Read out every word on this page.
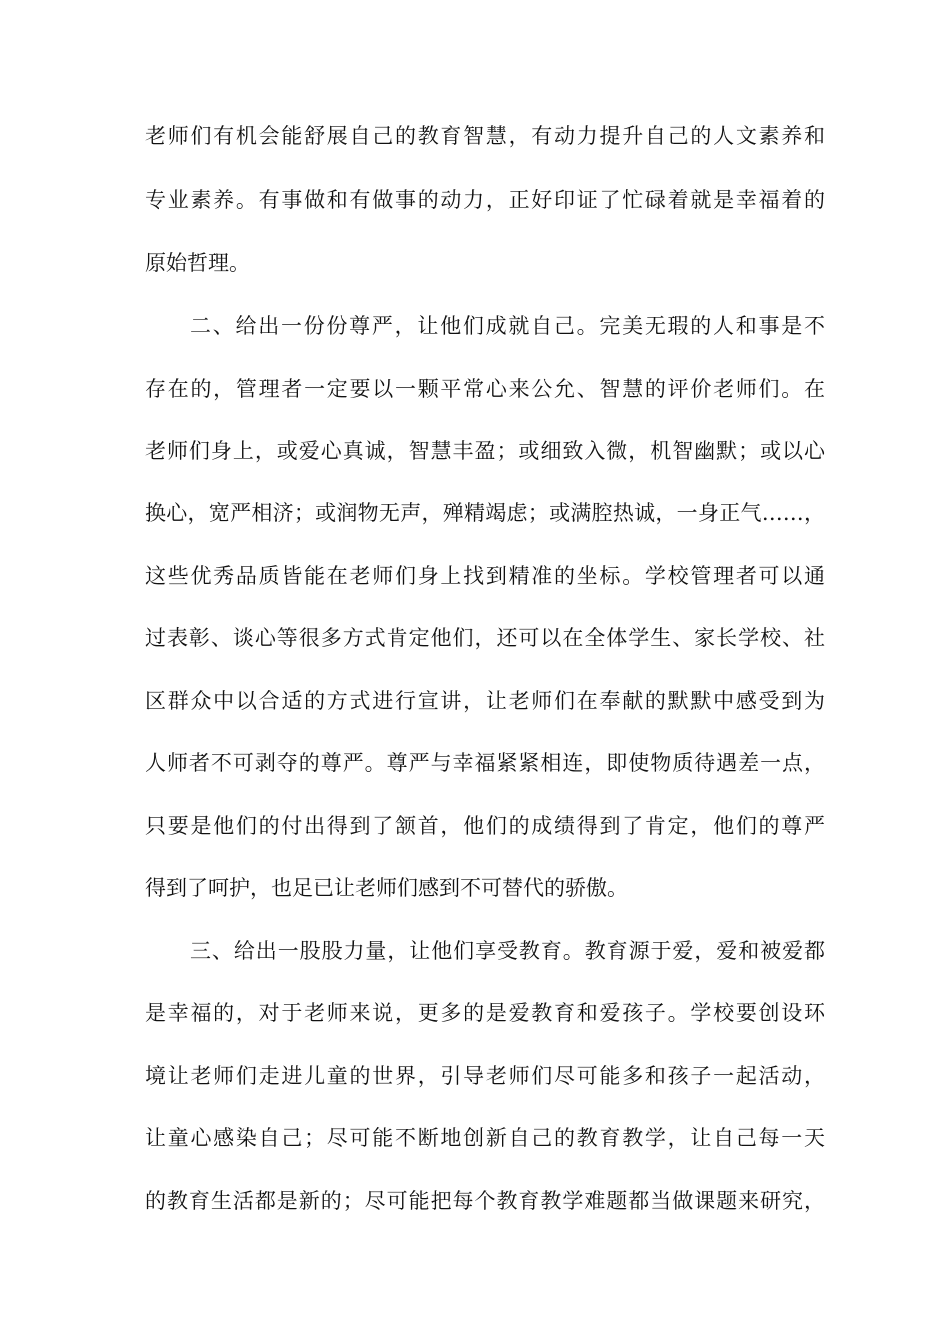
老师们有机会能舒展自己的教育智慧，有动力提升自己的人文素养和
专业素养。有事做和有做事的动力，正好印证了忙碌着就是幸福着的
原始哲理。
二、给出一份份尊严，让他们成就自己。完美无瑕的人和事是不
存在的，管理者一定要以一颗平常心来公允、智慧的评价老师们。在
老师们身上，或爱心真诚，智慧丰盈；或细致入微，机智幽默；或以心
换心，宽严相济；或润物无声，殚精竭虑；或满腔热诚，一身正气……，
这些优秀品质皆能在老师们身上找到精准的坐标。学校管理者可以通
过表彰、谈心等很多方式肯定他们，还可以在全体学生、家长学校、社
区群众中以合适的方式进行宣讲，让老师们在奉献的默默中感受到为
人师者不可剥夺的尊严。尊严与幸福紧紧相连，即使物质待遇差一点，
只要是他们的付出得到了颔首，他们的成绩得到了肯定，他们的尊严
得到了呵护，也足已让老师们感到不可替代的骄傲。
三、给出一股股力量，让他们享受教育。教育源于爱，爱和被爱都
是幸福的，对于老师来说，更多的是爱教育和爱孩子。学校要创设环
境让老师们走进儿童的世界，引导老师们尽可能多和孩子一起活动，
让童心感染自己；尽可能不断地创新自己的教育教学，让自己每一天
的教育生活都是新的；尽可能把每个教育教学难题都当做课题来研究，
